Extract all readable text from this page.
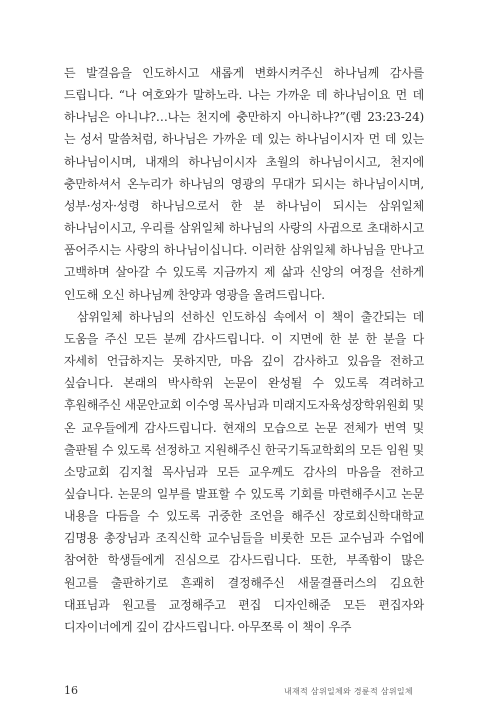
든 발걸음을 인도하시고 새롭게 변화시켜주신 하나님께 감사를 드립니다. “나 여호와가 말하노라. 나는 가까운 데 하나님이요 먼 데 하나님은 아니냐?…나는 천지에 충만하지 아니하냐?”(렘 23:23-24)는 성서 말씀처럼, 하나님은 가까운 데 있는 하나님이시자 먼 데 있는 하나님이시며, 내재의 하나님이시자 초월의 하나님이시고, 천지에 충만하셔서 온누리가 하나님의 영광의 무대가 되시는 하나님이시며, 성부·성자·성령 하나님으로서 한 분 하나님이 되시는 삼위일체 하나님이시고, 우리를 삼위일체 하나님의 사랑의 사귐으로 초대하시고 품어주시는 사랑의 하나님이십니다. 이러한 삼위일체 하나님을 만나고 고백하며 살아갈 수 있도록 지금까지 제 삶과 신앙의 여정을 선하게 인도해 오신 하나님께 찬양과 영광을 올려드립니다.

삼위일체 하나님의 선하신 인도하심 속에서 이 책이 출간되는 데 도움을 주신 모든 분께 감사드립니다. 이 지면에 한 분 한 분을 다 자세히 언급하지는 못하지만, 마음 깊이 감사하고 있음을 전하고 싶습니다. 본래의 박사학위 논문이 완성될 수 있도록 격려하고 후원해주신 새문안교회 이수영 목사님과 미래지도자육성장학위원회 및 온 교우들에게 감사드립니다. 현재의 모습으로 논문 전체가 번역 및 출판될 수 있도록 선정하고 지원해주신 한국기독교학회의 모든 임원 및 소망교회 김지철 목사님과 모든 교우께도 감사의 마음을 전하고 싶습니다. 논문의 일부를 발표할 수 있도록 기회를 마련해주시고 논문 내용을 다듬을 수 있도록 귀중한 조언을 해주신 장로회신학대학교 김명용 총장님과 조직신학 교수님들을 비롯한 모든 교수님과 수업에 참여한 학생들에게 진심으로 감사드립니다. 또한, 부족함이 많은 원고를 출판하기로 흔쾌히 결정해주신 새물결플러스의 김요한 대표님과 원고를 교정해주고 편집 디자인해준 모든 편집자와 디자이너에게 깊이 감사드립니다. 아무쪼록 이 책이 우주

16	내재적 삼위일체와 경륜적 삼위일체
